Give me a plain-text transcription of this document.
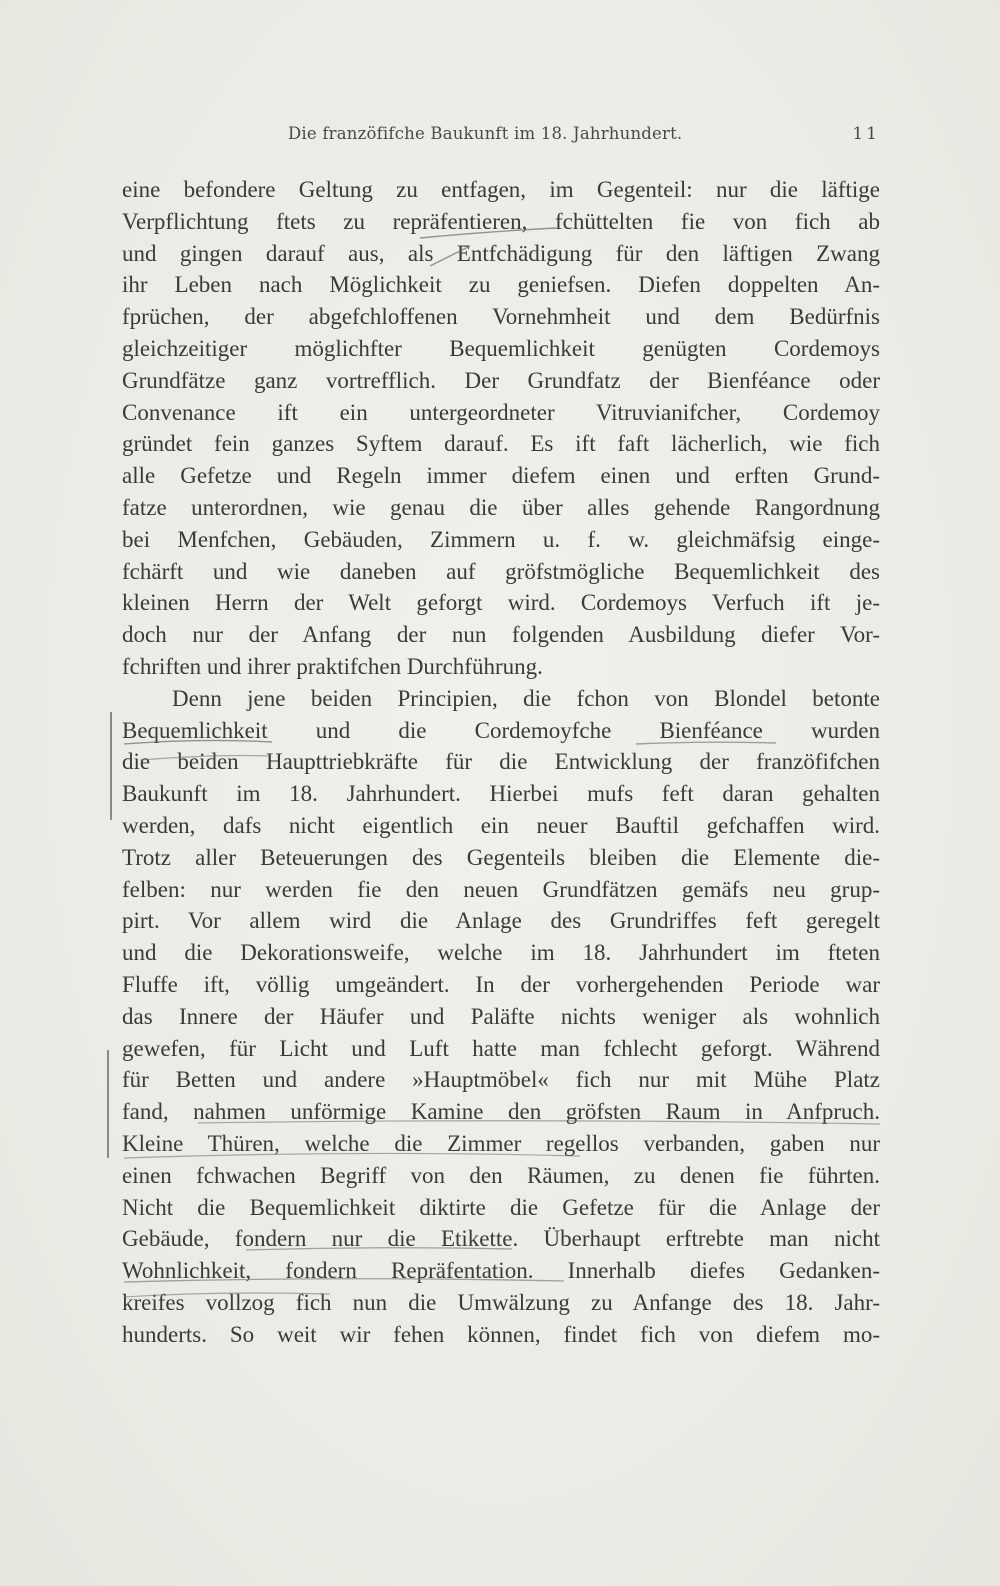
Die franzöfifche Baukunft im 18. Jahrhundert.	11
eine befondere Geltung zu entfagen, im Gegenteil: nur die läftige
Verpflichtung ftets zu repräfentieren, fchüttelten fie von fich ab
und gingen darauf aus, als Entfchädigung für den läftigen Zwang
ihr Leben nach Möglichkeit zu geniefsen. Diefen doppelten An-
fprüchen, der abgefchloffenen Vornehmheit und dem Bedürfnis
gleichzeitiger möglichfter Bequemlichkeit genügten Cordemoys
Grundfätze ganz vortrefflich. Der Grundfatz der Bienféance oder
Convenance ift ein untergeordneter Vitruvianifcher, Cordemoy
gründet fein ganzes Syftem darauf. Es ift faft lächerlich, wie fich
alle Gefetze und Regeln immer diefem einen und erften Grund-
fatze unterordnen, wie genau die über alles gehende Rangordnung
bei Menfchen, Gebäuden, Zimmern u. f. w. gleichmäfsig einge-
fchärft und wie daneben auf gröfstmögliche Bequemlichkeit des
kleinen Herrn der Welt geforgt wird. Cordemoys Verfuch ift je-
doch nur der Anfang der nun folgenden Ausbildung diefer Vor-
fchriften und ihrer praktifchen Durchführung.
Denn jene beiden Principien, die fchon von Blondel betonte
Bequemlichkeit und die Cordemoyfche Bienféance wurden
die beiden Haupttriebkräfte für die Entwicklung der franzöfifchen
Baukunft im 18. Jahrhundert. Hierbei mufs feft daran gehalten
werden, dafs nicht eigentlich ein neuer Bauftil gefchaffen wird.
Trotz aller Beteuerungen des Gegenteils bleiben die Elemente die-
felben: nur werden fie den neuen Grundfätzen gemäfs neu grup-
pirt. Vor allem wird die Anlage des Grundriffes feft geregelt
und die Dekorationsweife, welche im 18. Jahrhundert im fteten
Fluffe ift, völlig umgeändert. In der vorhergehenden Periode war
das Innere der Häufer und Paläfte nichts weniger als wohnlich
gewefen, für Licht und Luft hatte man fchlecht geforgt. Während
für Betten und andere »Hauptmöbel« fich nur mit Mühe Platz
fand, nahmen unförmige Kamine den gröfsten Raum in Anfpruch.
Kleine Thüren, welche die Zimmer regellos verbanden, gaben nur
einen fchwachen Begriff von den Räumen, zu denen fie führten.
Nicht die Bequemlichkeit diktirte die Gefetze für die Anlage der
Gebäude, fondern nur die Etikette. Überhaupt erftrebte man nicht
Wohnlichkeit, fondern Repräfentation. Innerhalb diefes Gedanken-
kreifes vollzog fich nun die Umwälzung zu Anfange des 18. Jahr-
hunderts. So weit wir fehen können, findet fich von diefem mo-
